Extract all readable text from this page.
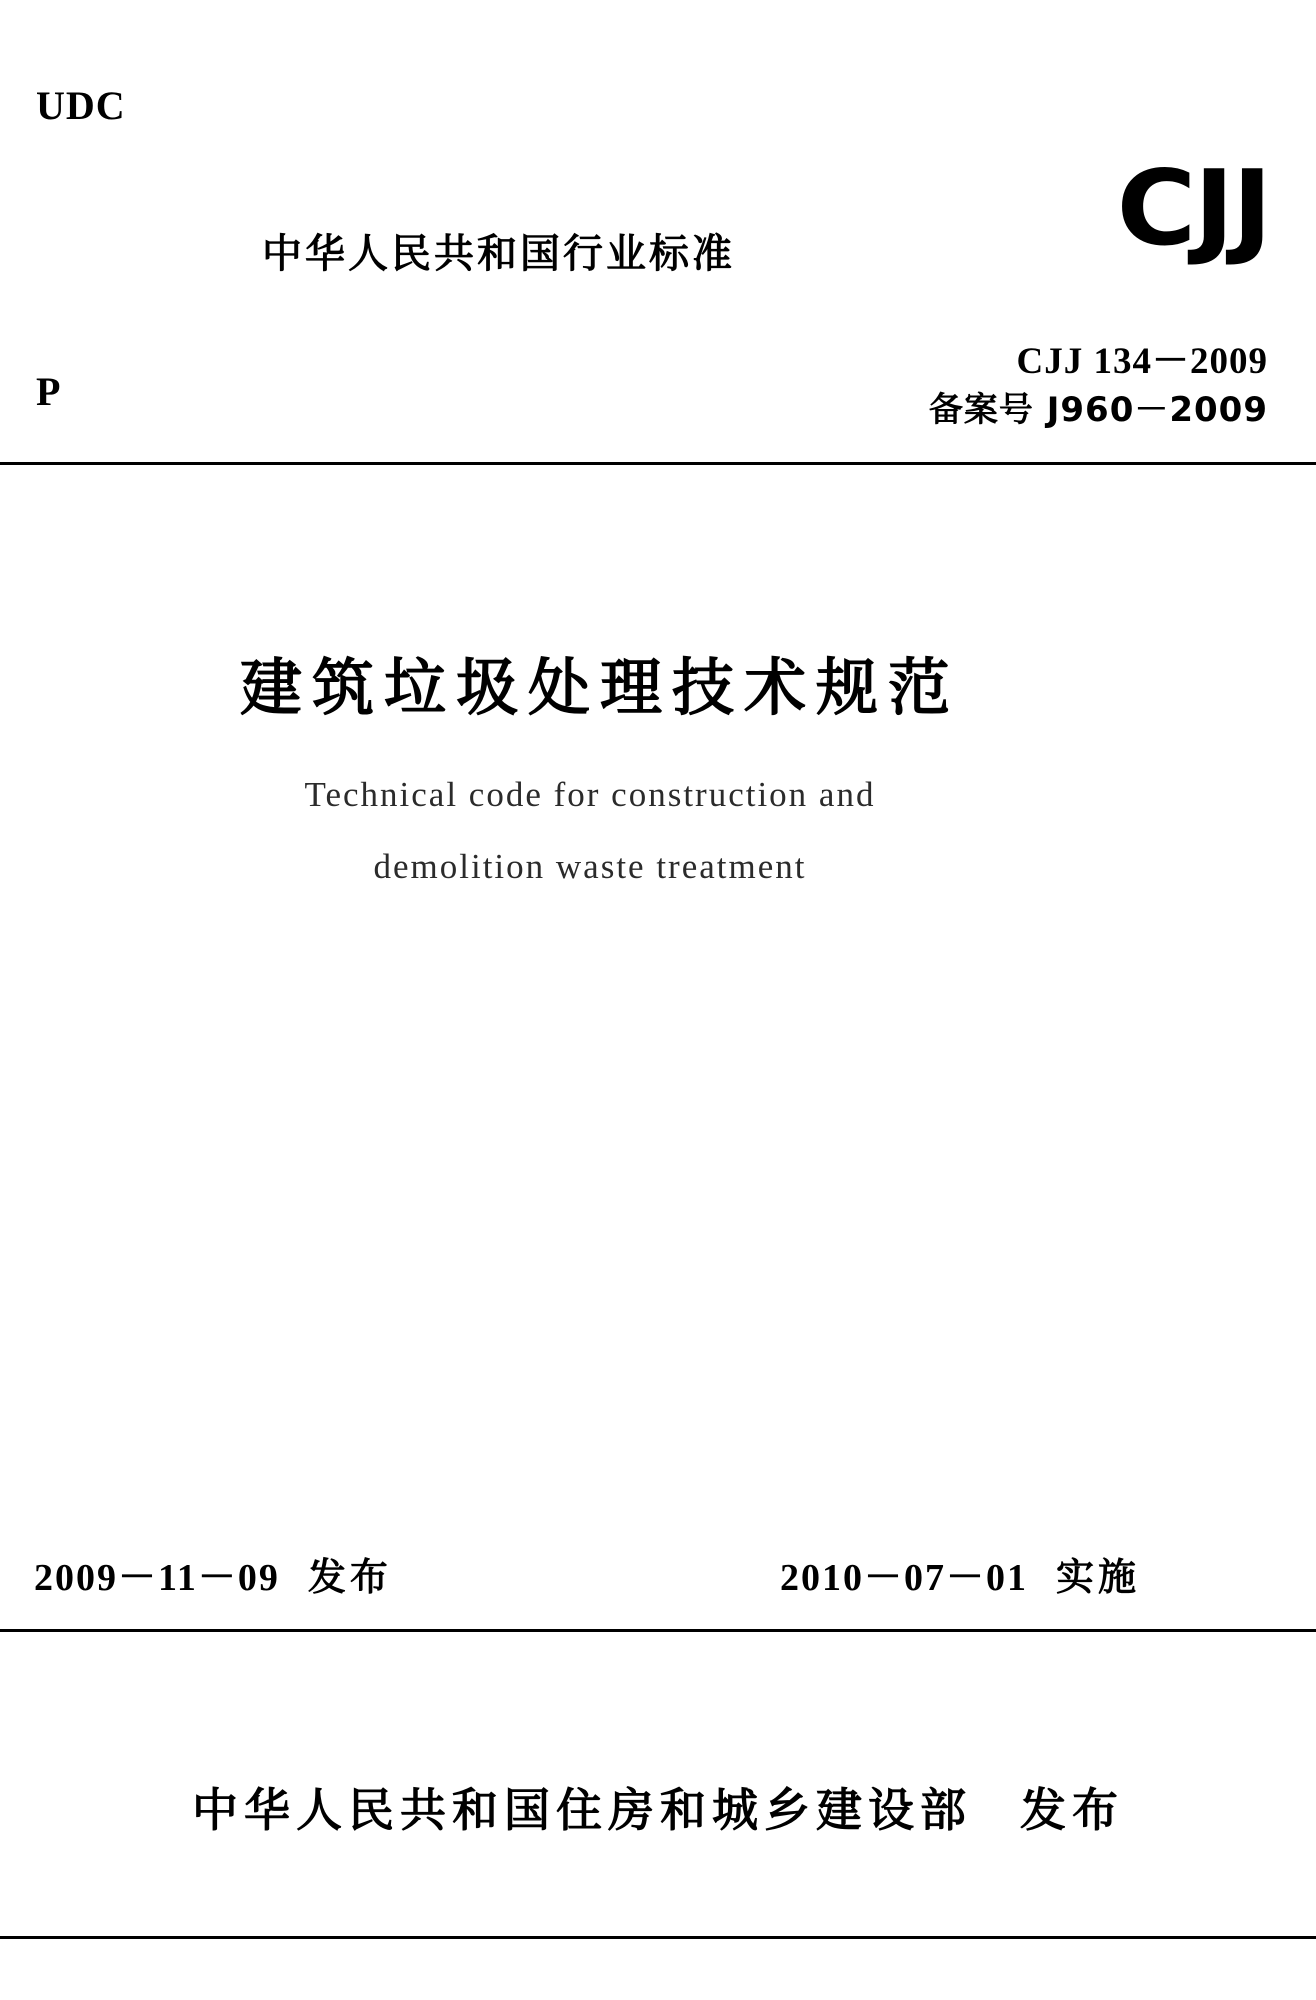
UDC
中华人民共和国行业标准	CJJ
CJJ 134－2009
备案号 J960－2009
P
建筑垃圾处理技术规范
Technical code for construction and
demolition waste treatment
2009－11－09 发布	2010－07－01 实施
中华人民共和国住房和城乡建设部 发布
